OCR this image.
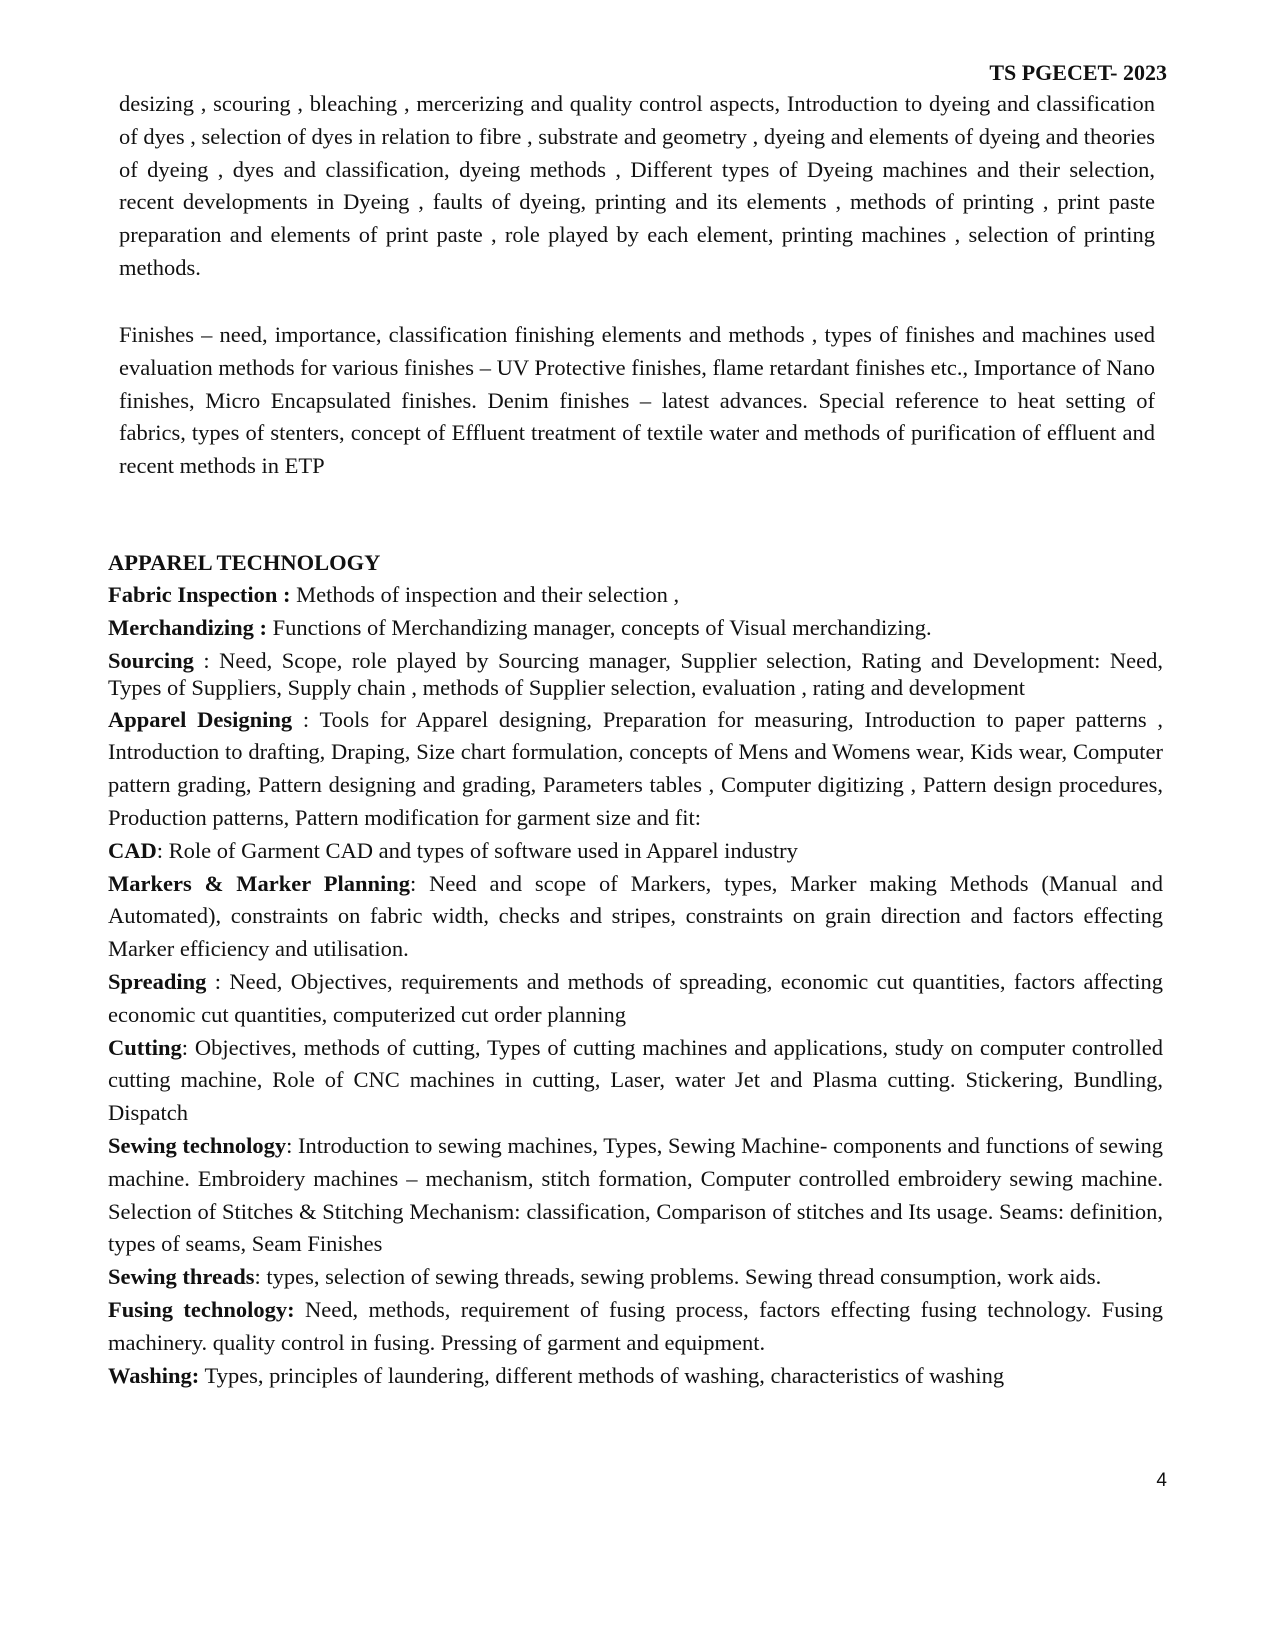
TS PGECET- 2023

desizing , scouring , bleaching , mercerizing and quality control aspects, Introduction to dyeing and classification of dyes , selection of dyes in relation to fibre , substrate and geometry , dyeing and elements of dyeing and theories of dyeing , dyes and classification, dyeing methods , Different types of Dyeing machines and their selection, recent developments in Dyeing , faults of dyeing, printing and its elements , methods of printing , print paste preparation and elements of print paste , role played by each element, printing machines , selection of printing methods.

Finishes – need, importance, classification finishing elements and methods , types of finishes and machines used evaluation methods for various finishes – UV Protective finishes, flame retardant finishes etc., Importance of Nano finishes, Micro Encapsulated finishes. Denim finishes – latest advances. Special reference to heat setting of fabrics, types of stenters, concept of Effluent treatment of textile water and methods of purification of effluent and recent methods in ETP

APPAREL TECHNOLOGY

Fabric Inspection : Methods of inspection and their selection ,

Merchandizing : Functions of Merchandizing manager, concepts of Visual merchandizing.

Sourcing : Need, Scope, role played by Sourcing manager, Supplier selection, Rating and Development: Need, Types of Suppliers, Supply chain , methods of Supplier selection, evaluation , rating and development

Apparel Designing : Tools for Apparel designing, Preparation for measuring, Introduction to paper patterns , Introduction to drafting, Draping, Size chart formulation, concepts of Mens and Womens wear, Kids wear, Computer pattern grading, Pattern designing and grading, Parameters tables , Computer digitizing , Pattern design procedures, Production patterns, Pattern modification for garment size and fit:

CAD: Role of Garment CAD and types of software used in Apparel industry

Markers & Marker Planning: Need and scope of Markers, types, Marker making Methods (Manual and Automated), constraints on fabric width, checks and stripes, constraints on grain direction and factors effecting Marker efficiency and utilisation.

Spreading : Need, Objectives, requirements and methods of spreading, economic cut quantities, factors affecting economic cut quantities, computerized cut order planning

Cutting: Objectives, methods of cutting, Types of cutting machines and applications, study on computer controlled cutting machine, Role of CNC machines in cutting, Laser, water Jet and Plasma cutting. Stickering, Bundling, Dispatch

Sewing technology: Introduction to sewing machines, Types, Sewing Machine- components and functions of sewing machine. Embroidery machines – mechanism, stitch formation, Computer controlled embroidery sewing machine. Selection of Stitches & Stitching Mechanism: classification, Comparison of stitches and Its usage. Seams: definition, types of seams, Seam Finishes

Sewing threads: types, selection of sewing threads, sewing problems. Sewing thread consumption, work aids.

Fusing technology: Need, methods, requirement of fusing process, factors effecting fusing technology. Fusing machinery. quality control in fusing. Pressing of garment and equipment.

Washing: Types, principles of laundering, different methods of washing, characteristics of washing

4
